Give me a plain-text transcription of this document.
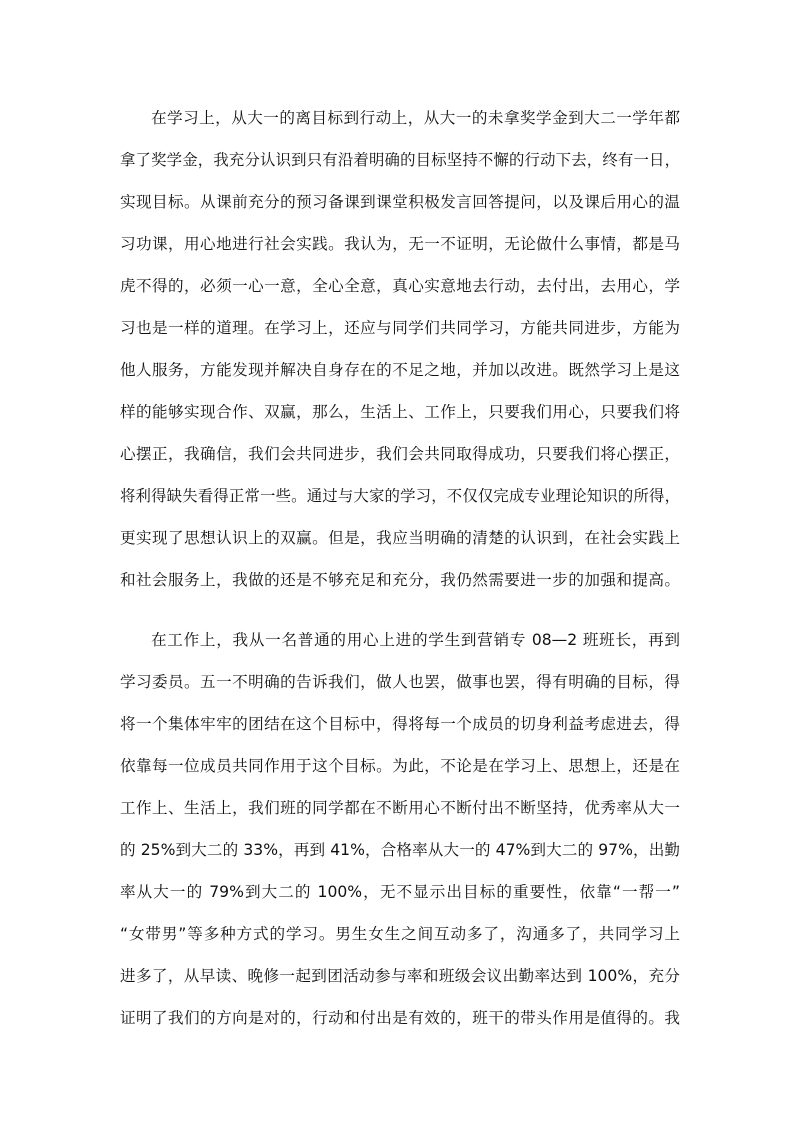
在学习上，从大一的离目标到行动上，从大一的未拿奖学金到大二一学年都
拿了奖学金，我充分认识到只有沿着明确的目标坚持不懈的行动下去，终有一日，
实现目标。从课前充分的预习备课到课堂积极发言回答提问，以及课后用心的温
习功课，用心地进行社会实践。我认为，无一不证明，无论做什么事情，都是马
虎不得的，必须一心一意，全心全意，真心实意地去行动，去付出，去用心，学
习也是一样的道理。在学习上，还应与同学们共同学习，方能共同进步，方能为
他人服务，方能发现并解决自身存在的不足之地，并加以改进。既然学习上是这
样的能够实现合作、双赢，那么，生活上、工作上，只要我们用心，只要我们将
心摆正，我确信，我们会共同进步，我们会共同取得成功，只要我们将心摆正，
将利得缺失看得正常一些。通过与大家的学习，不仅仅完成专业理论知识的所得，
更实现了思想认识上的双赢。但是，我应当明确的清楚的认识到，在社会实践上
和社会服务上，我做的还是不够充足和充分，我仍然需要进一步的加强和提高。
在工作上，我从一名普通的用心上进的学生到营销专 08—2 班班长，再到
学习委员。五一不明确的告诉我们，做人也罢，做事也罢，得有明确的目标，得
将一个集体牢牢的团结在这个目标中，得将每一个成员的切身利益考虑进去，得
依靠每一位成员共同作用于这个目标。为此，不论是在学习上、思想上，还是在
工作上、生活上，我们班的同学都在不断用心不断付出不断坚持，优秀率从大一
的 25%到大二的 33%，再到 41%，合格率从大一的 47%到大二的 97%，出勤
率从大一的 79%到大二的 100%，无不显示出目标的重要性，依靠“一帮一”
“女带男”等多种方式的学习。男生女生之间互动多了，沟通多了，共同学习上
进多了，从早读、晚修一起到团活动参与率和班级会议出勤率达到 100%，充分
证明了我们的方向是对的，行动和付出是有效的，班干的带头作用是值得的。我
